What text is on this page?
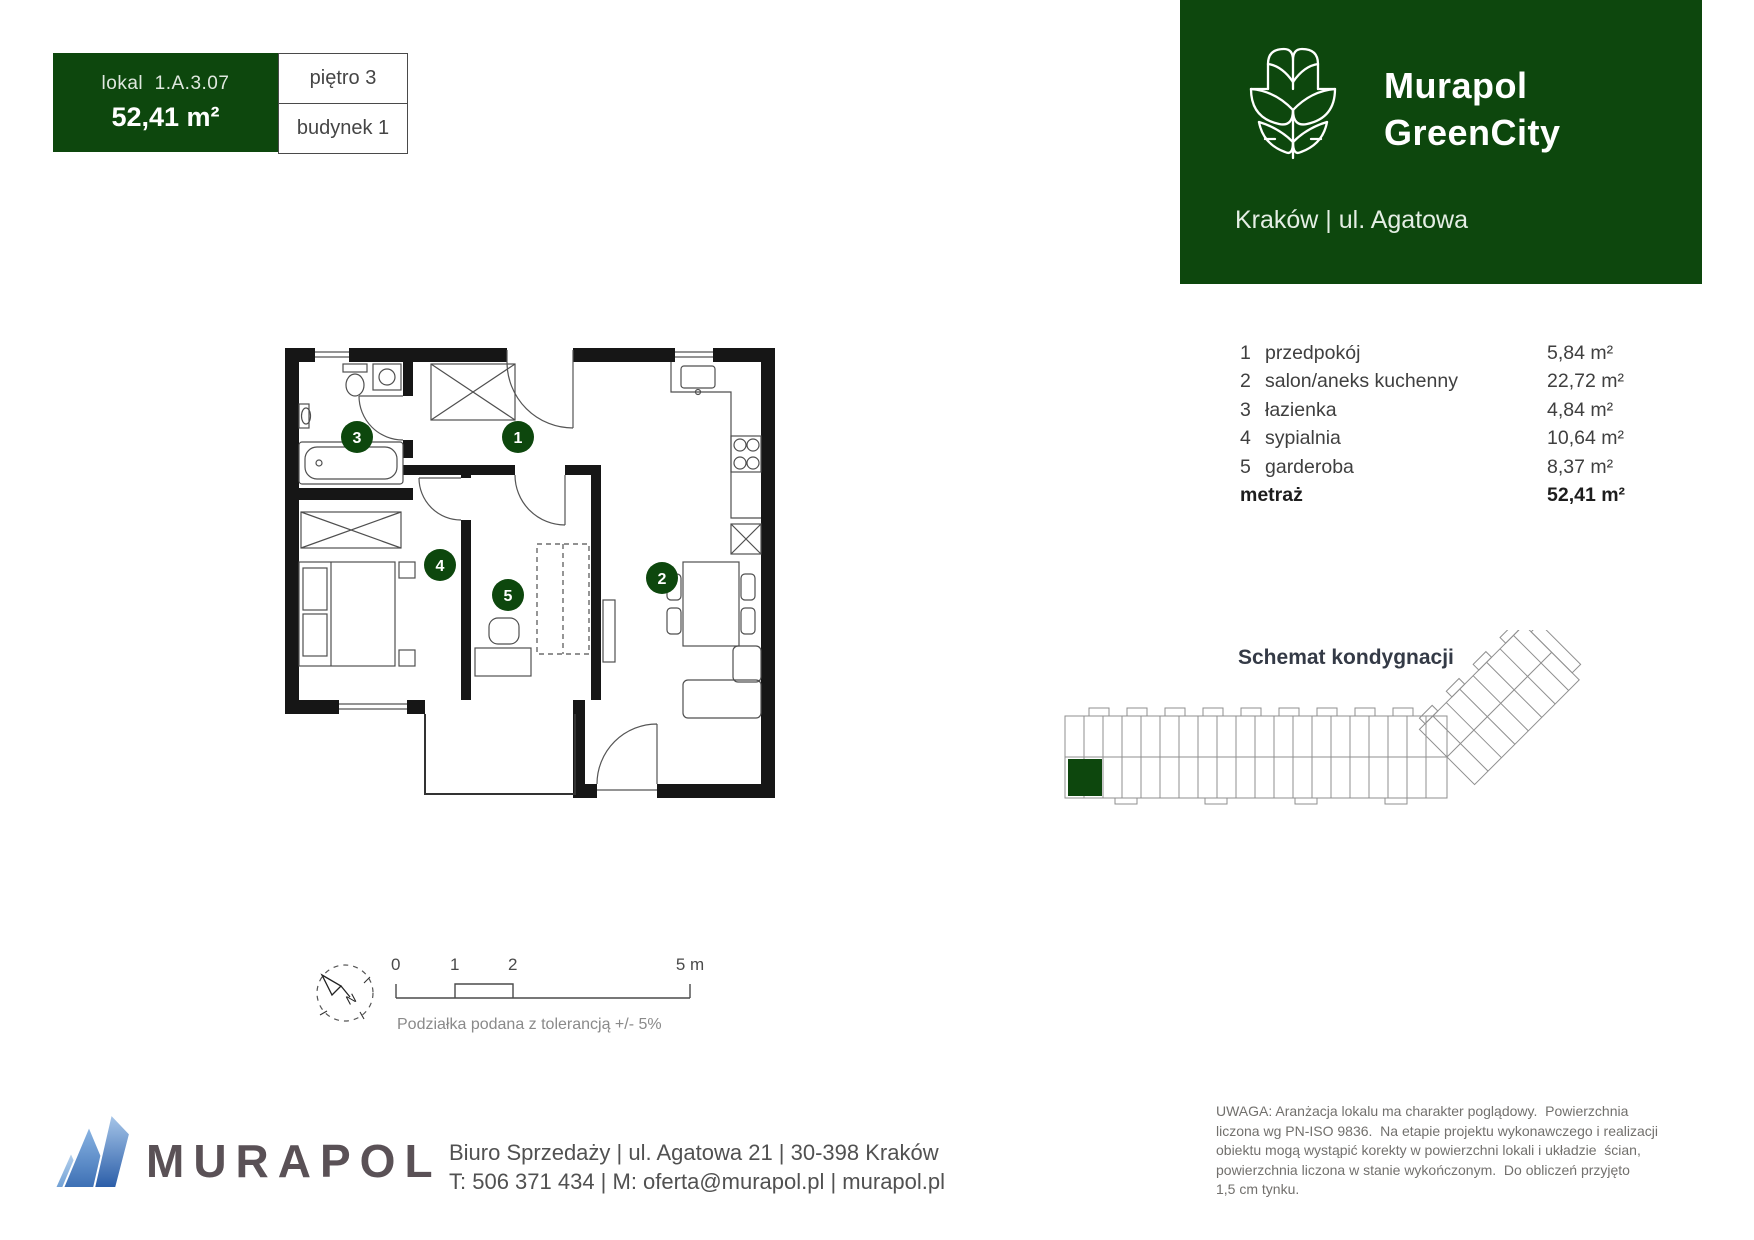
lokal  1.A.3.07
52,41 m²
piętro 3
budynek 1
Murapol
GreenCity
Kraków | ul. Agatowa
1 przedpokój	5,84 m²
2 salon/aneks kuchenny	22,72 m²
3 łazienka	4,84 m²
4 sypialnia	10,64 m²
5 garderoba	8,37 m²
metraż	52,41 m²
3	1
4
5
2
Schemat kondygnacji
N
0	1	2	5 m
Podziałka podana z tolerancją +/- 5%
MURAPOL Biuro Sprzedaży | ul. Agatowa 21 | 30-398 Kraków
T: 506 371 434 | M: oferta@murapol.pl | murapol.pl
UWAGA: Aranżacja lokalu ma charakter poglądowy.  Powierzchnia
liczona wg PN-ISO 9836.  Na etapie projektu wykonawczego i realizacji
obiektu mogą wystąpić korekty w powierzchni lokali i układzie  ścian,
powierzchnia liczona w stanie wykończonym.  Do obliczeń przyjęto
1,5 cm tynku.
